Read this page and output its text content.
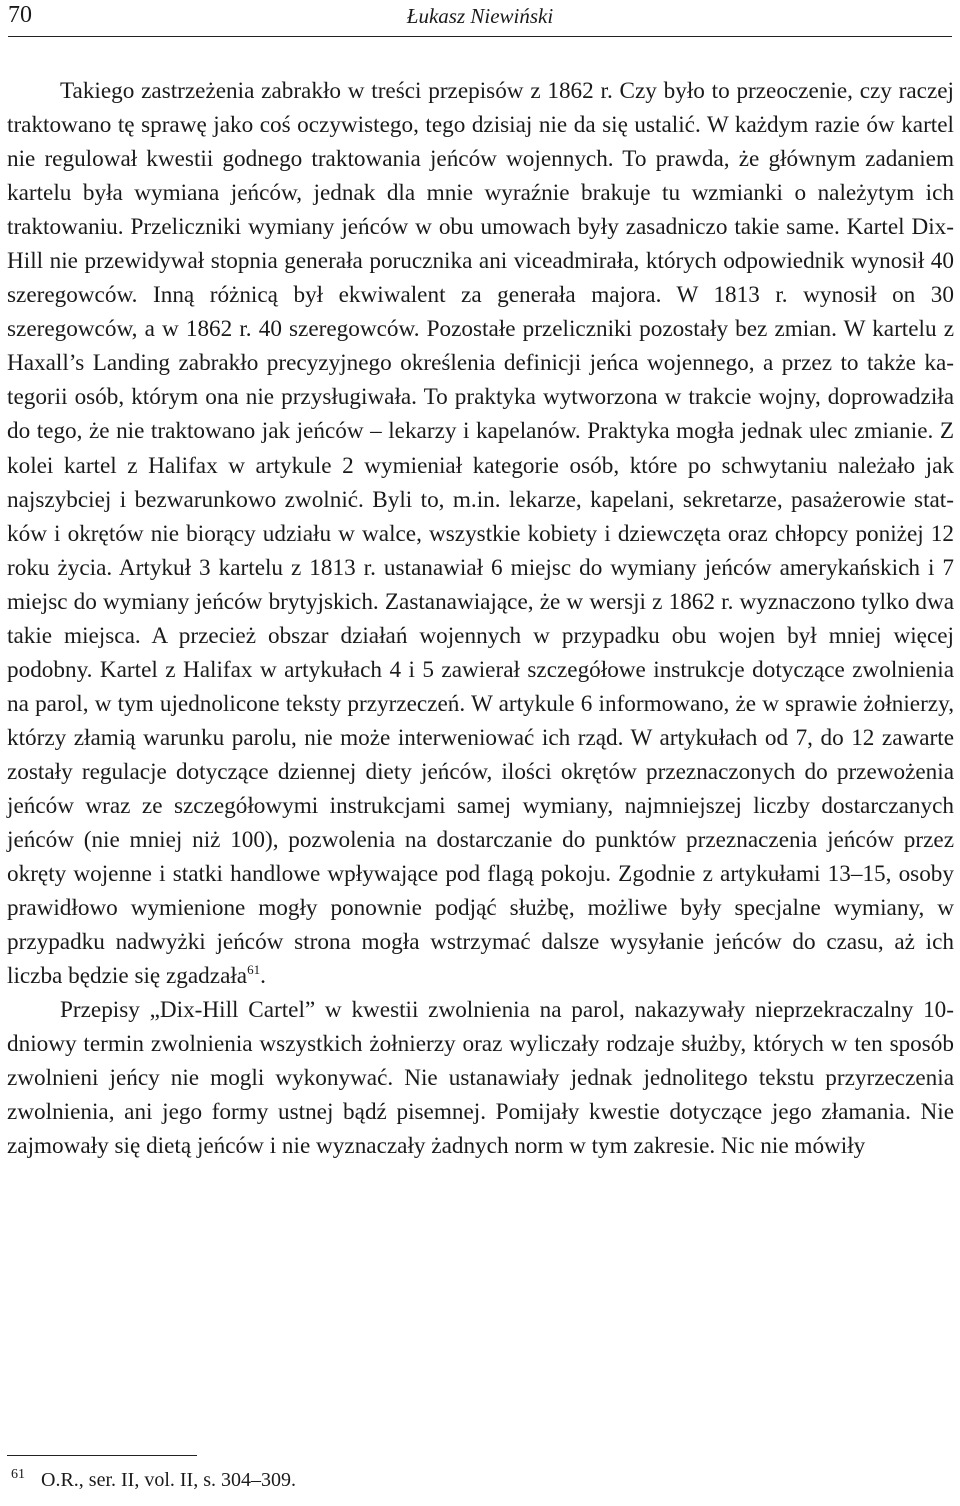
70	Łukasz Niewiński

Takiego zastrzeżenia zabrakło w treści przepisów z 1862 r. Czy było to przeoczenie, czy raczej traktowano tę sprawę jako coś oczywistego, tego dzisiaj nie da się ustalić. W każdym razie ów kartel nie regulował kwestii godnego traktowania jeńców wojennych. To prawda, że głównym zadaniem kartelu była wymiana jeńców, jednak dla mnie wyraźnie brakuje tu wzmianki o należytym ich traktowaniu. Przeliczniki wymiany jeńców w obu umowach były zasadniczo takie same. Kartel Dix-Hill nie przewidywał stopnia generała porucznika ani viceadmirała, których odpowiednik wynosił 40 szeregowców. Inną różnicą był ekwiwalent za generała majora. W 1813 r. wynosił on 30 szeregowców, a w 1862 r. 40 szeregowców. Pozostałe przeliczniki pozostały bez zmian. W kartelu z Haxall’s Landing zabrakło precyzyjnego określenia definicji jeńca wojennego, a przez to także kategorii osób, którym ona nie przysługiwała. To praktyka wytworzona w trakcie wojny, doprowadziła do tego, że nie traktowano jak jeńców – lekarzy i kapelanów. Praktyka mogła jednak ulec zmianie. Z kolei kartel z Halifax w artykule 2 wymieniał kategorie osób, które po schwytaniu należało jak najszybciej i bezwarunkowo zwolnić. Byli to, m.in. lekarze, kapelani, sekretarze, pasażerowie statków i okrętów nie biorący udziału w walce, wszystkie kobiety i dziewczęta oraz chłopcy poniżej 12 roku życia. Artykuł 3 kartelu z 1813 r. ustanawiał 6 miejsc do wymiany jeńców amerykańskich i 7 miejsc do wymiany jeńców brytyjskich. Zastanawiające, że w wersji z 1862 r. wyznaczono tylko dwa takie miejsca. A przecież obszar działań wojennych w przypadku obu wojen był mniej więcej podobny. Kartel z Halifax w artykułach 4 i 5 zawierał szczegółowe instrukcje dotyczące zwolnienia na parol, w tym ujednolicone teksty przyrzeczeń. W artykule 6 informowano, że w sprawie żołnierzy, którzy złamią warunku parolu, nie może interweniować ich rząd. W artykułach od 7, do 12 zawarte zostały regulacje dotyczące dziennej diety jeńców, ilości okrętów przeznaczonych do przewożenia jeńców wraz ze szczegółowymi instrukcjami samej wymiany, najmniejszej liczby dostarczanych jeńców (nie mniej niż 100), pozwolenia na dostarczanie do punktów przeznaczenia jeńców przez okręty wojenne i statki handlowe wpływające pod flagą pokoju. Zgodnie z artykułami 13–15, osoby prawidłowo wymienione mogły ponownie podjąć służbę, możliwe były specjalne wymiany, w przypadku nadwyżki jeńców strona mogła wstrzymać dalsze wysyłanie jeńców do czasu, aż ich liczba będzie się zgadzała$^{61}$.

Przepisy „Dix-Hill Cartel” w kwestii zwolnienia na parol, nakazywały nieprzekraczalny 10-dniowy termin zwolnienia wszystkich żołnierzy oraz wyliczały rodzaje służby, których w ten sposób zwolnieni jeńcy nie mogli wykonywać. Nie ustanawiały jednak jednolitego tekstu przyrzeczenia zwolnienia, ani jego formy ustnej bądź pisemnej. Pomijały kwestie dotyczące jego złamania. Nie zajmowały się dietą jeńców i nie wyznaczały żadnych norm w tym zakresie. Nic nie mówiły

61 O.R., ser. II, vol. II, s. 304–309.
